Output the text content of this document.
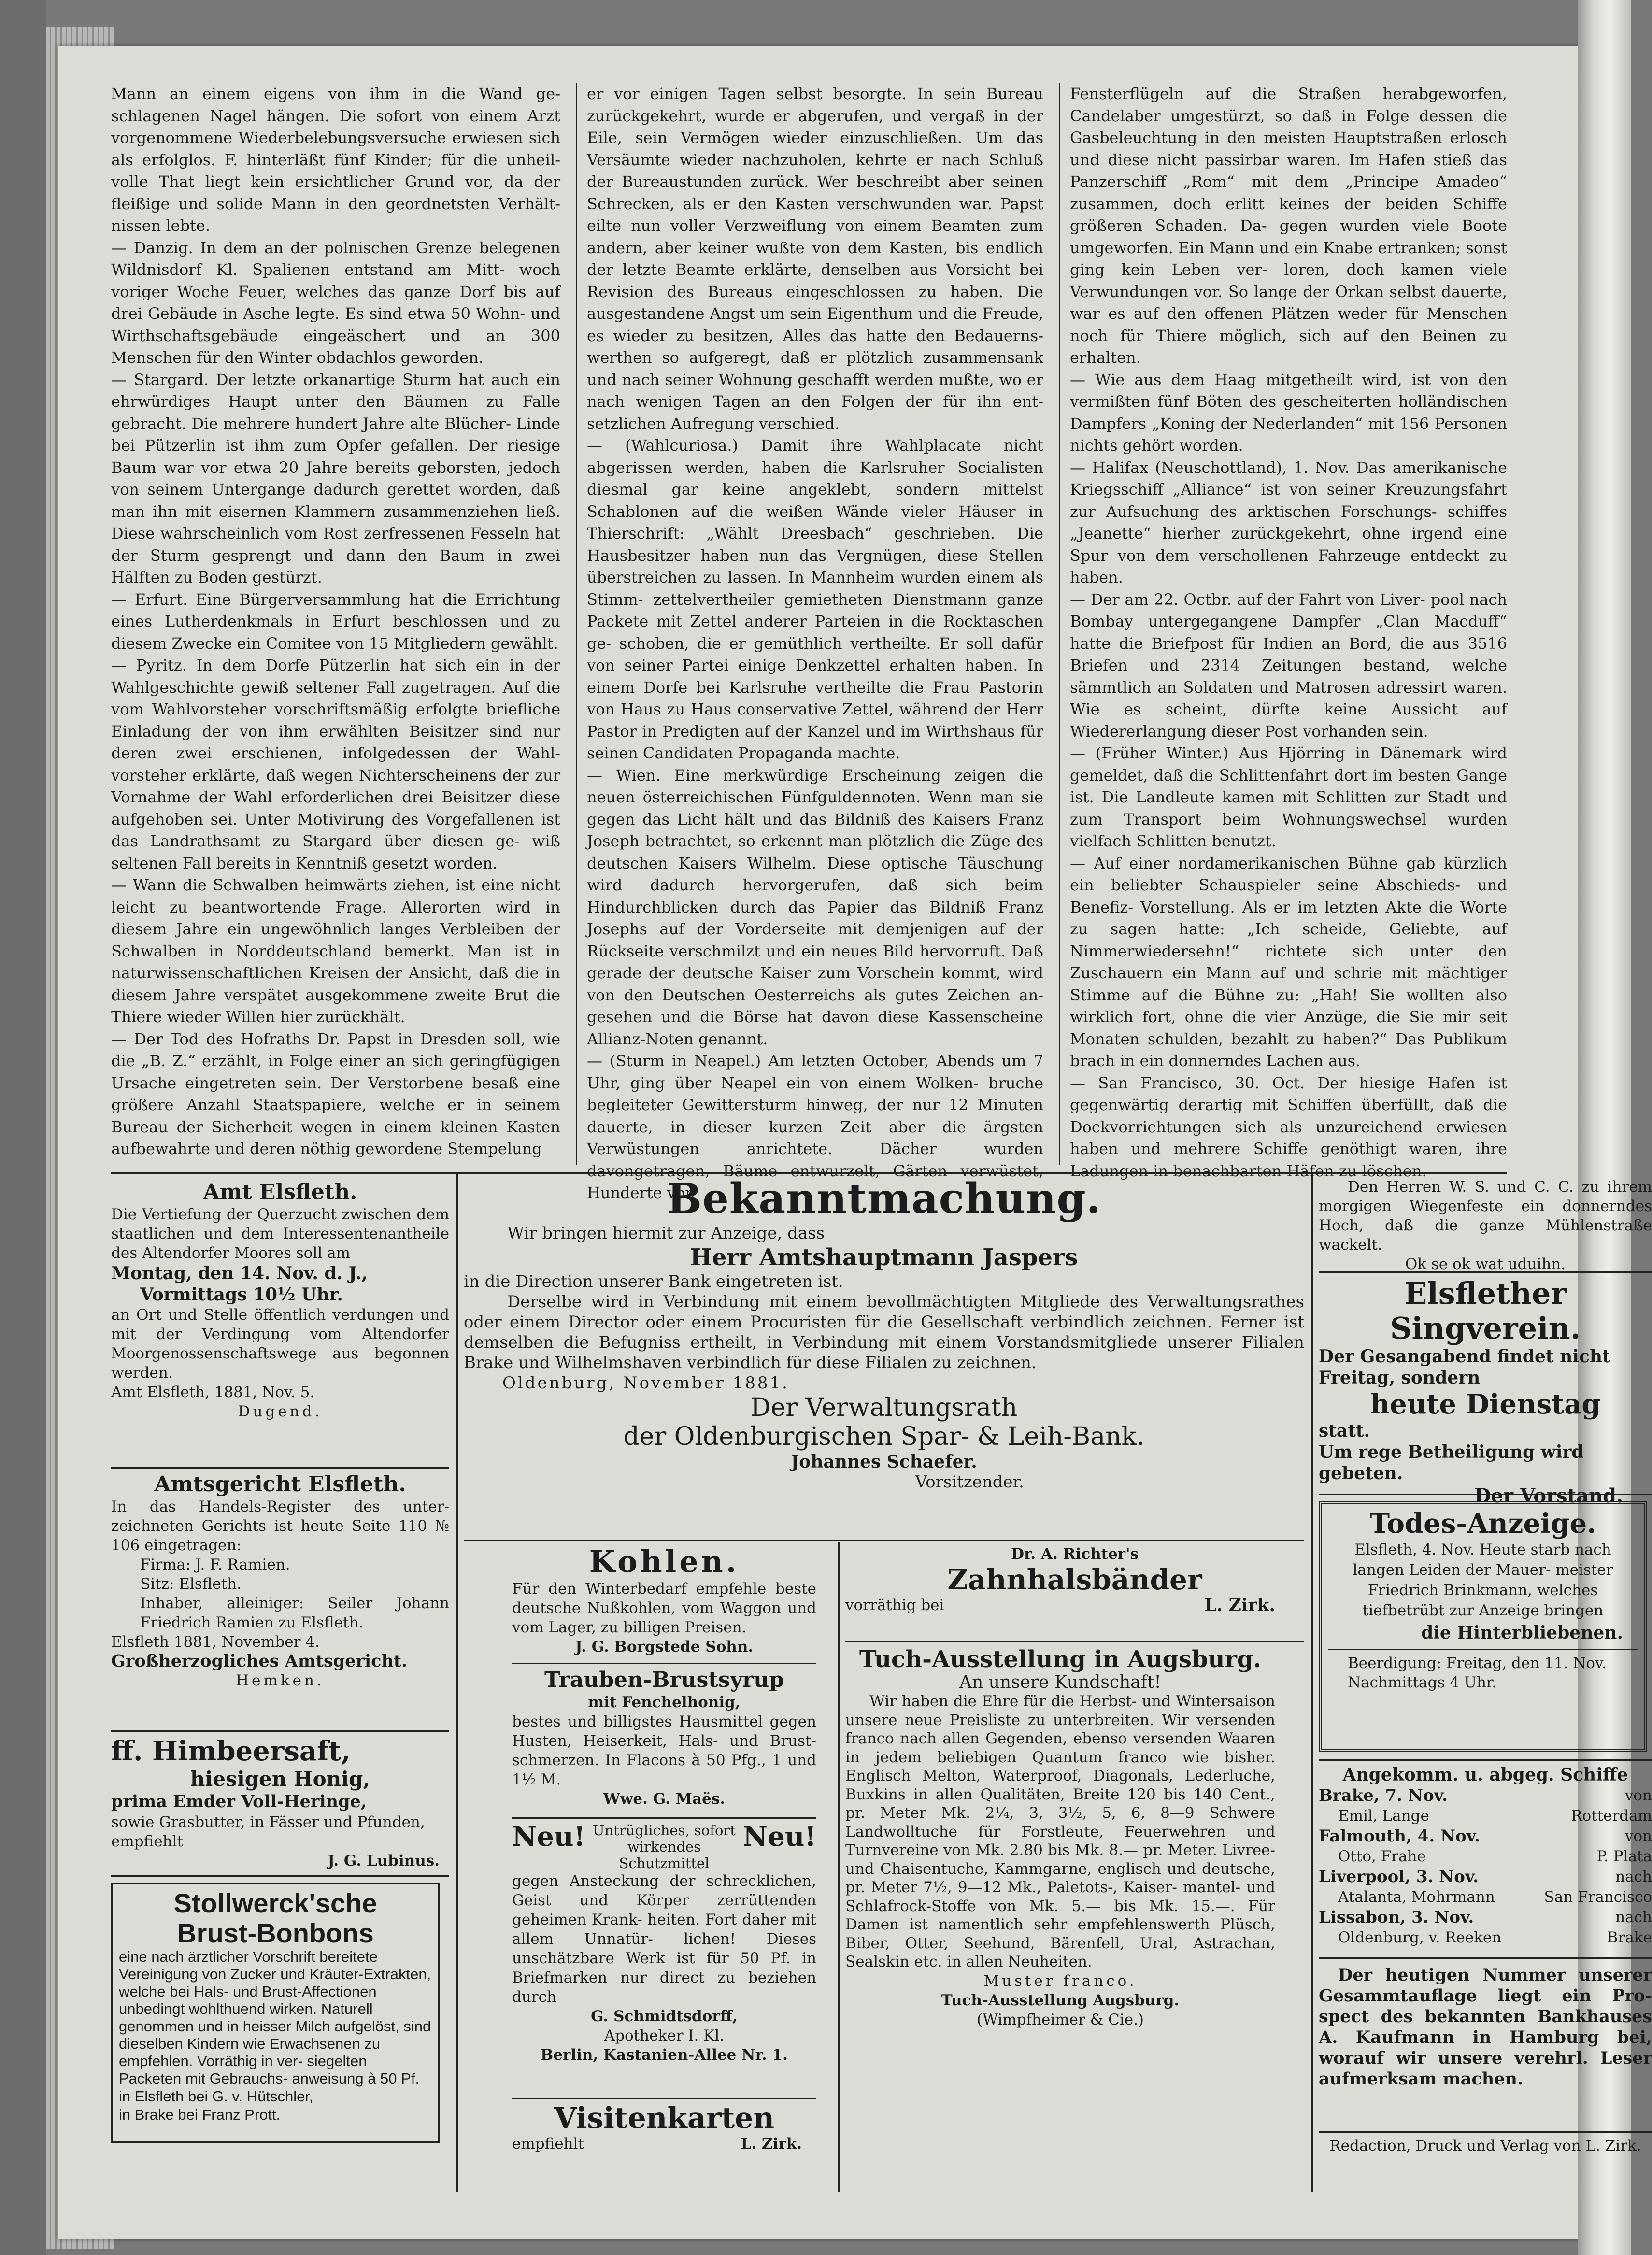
Mann an einem eigens von ihm in die Wand ge- schlagenen Nagel hängen. Die sofort von einem Arzt vorgenommene Wiederbelebungsversuche erwiesen sich als erfolglos. F. hinterläßt fünf Kinder; für die unheil- volle That liegt kein ersichtlicher Grund vor, da der fleißige und solide Mann in den geordnetsten Verhält- nissen lebte.

— Danzig. In dem an der polnischen Grenze belegenen Wildnisdorf Kl. Spalienen entstand am Mitt- woch voriger Woche Feuer, welches das ganze Dorf bis auf drei Gebäude in Asche legte. Es sind etwa 50 Wohn- und Wirthschaftsgebäude eingeäschert und an 300 Menschen für den Winter obdachlos geworden.

— Stargard. Der letzte orkanartige Sturm hat auch ein ehrwürdiges Haupt unter den Bäumen zu Falle gebracht. Die mehrere hundert Jahre alte Blücher- Linde bei Pützerlin ist ihm zum Opfer gefallen. Der riesige Baum war vor etwa 20 Jahre bereits geborsten, jedoch von seinem Untergange dadurch gerettet worden, daß man ihn mit eisernen Klammern zusammenziehen ließ. Diese wahrscheinlich vom Rost zerfressenen Fesseln hat der Sturm gesprengt und dann den Baum in zwei Hälften zu Boden gestürzt.

— Erfurt. Eine Bürgerversammlung hat die Errichtung eines Lutherdenkmals in Erfurt beschlossen und zu diesem Zwecke ein Comitee von 15 Mitgliedern gewählt.

— Pyritz. In dem Dorfe Pützerlin hat sich ein in der Wahlgeschichte gewiß seltener Fall zugetragen. Auf die vom Wahlvorsteher vorschriftsmäßig erfolgte briefliche Einladung der von ihm erwählten Beisitzer sind nur deren zwei erschienen, infolgedessen der Wahl- vorsteher erklärte, daß wegen Nichterscheinens der zur Vornahme der Wahl erforderlichen drei Beisitzer diese aufgehoben sei. Unter Motivirung des Vorgefallenen ist das Landrathsamt zu Stargard über diesen ge- wiß seltenen Fall bereits in Kenntniß gesetzt worden.

— Wann die Schwalben heimwärts ziehen, ist eine nicht leicht zu beantwortende Frage. Allerorten wird in diesem Jahre ein ungewöhnlich langes Verbleiben der Schwalben in Norddeutschland bemerkt. Man ist in naturwissenschaftlichen Kreisen der Ansicht, daß die in diesem Jahre verspätet ausgekommene zweite Brut die Thiere wieder Willen hier zurückhält.

— Der Tod des Hofraths Dr. Papst in Dresden soll, wie die „B. Z.“ erzählt, in Folge einer an sich geringfügigen Ursache eingetreten sein. Der Verstorbene besaß eine größere Anzahl Staatspapiere, welche er in seinem Bureau der Sicherheit wegen in einem kleinen Kasten aufbewahrte und deren nöthig gewordene Stempelung

er vor einigen Tagen selbst besorgte. In sein Bureau zurückgekehrt, wurde er abgerufen, und vergaß in der Eile, sein Vermögen wieder einzuschließen. Um das Versäumte wieder nachzuholen, kehrte er nach Schluß der Bureaustunden zurück. Wer beschreibt aber seinen Schrecken, als er den Kasten verschwunden war. Papst eilte nun voller Verzweiflung von einem Beamten zum andern, aber keiner wußte von dem Kasten, bis endlich der letzte Beamte erklärte, denselben aus Vorsicht bei Revision des Bureaus eingeschlossen zu haben. Die ausgestandene Angst um sein Eigenthum und die Freude, es wieder zu besitzen, Alles das hatte den Bedauerns- werthen so aufgeregt, daß er plötzlich zusammensank und nach seiner Wohnung geschafft werden mußte, wo er nach wenigen Tagen an den Folgen der für ihn ent- setzlichen Aufregung verschied.

— (Wahlcuriosa.) Damit ihre Wahlplacate nicht abgerissen werden, haben die Karlsruher Socialisten diesmal gar keine angeklebt, sondern mittelst Schablonen auf die weißen Wände vieler Häuser in Thierschrift: „Wählt Dreesbach“ geschrieben. Die Hausbesitzer haben nun das Vergnügen, diese Stellen überstreichen zu lassen. In Mannheim wurden einem als Stimm- zettelvertheiler gemietheten Dienstmann ganze Packete mit Zettel anderer Parteien in die Rocktaschen ge- schoben, die er gemüthlich vertheilte. Er soll dafür von seiner Partei einige Denkzettel erhalten haben. In einem Dorfe bei Karlsruhe vertheilte die Frau Pastorin von Haus zu Haus conservative Zettel, während der Herr Pastor in Predigten auf der Kanzel und im Wirthshaus für seinen Candidaten Propaganda machte.

— Wien. Eine merkwürdige Erscheinung zeigen die neuen österreichischen Fünfguldennoten. Wenn man sie gegen das Licht hält und das Bildniß des Kaisers Franz Joseph betrachtet, so erkennt man plötzlich die Züge des deutschen Kaisers Wilhelm. Diese optische Täuschung wird dadurch hervorgerufen, daß sich beim Hindurchblicken durch das Papier das Bildniß Franz Josephs auf der Vorderseite mit demjenigen auf der Rückseite verschmilzt und ein neues Bild hervorruft. Daß gerade der deutsche Kaiser zum Vorschein kommt, wird von den Deutschen Oesterreichs als gutes Zeichen an- gesehen und die Börse hat davon diese Kassenscheine Allianz-Noten genannt.

— (Sturm in Neapel.) Am letzten October, Abends um 7 Uhr, ging über Neapel ein von einem Wolken- bruche begleiteter Gewittersturm hinweg, der nur 12 Minuten dauerte, in dieser kurzen Zeit aber die ärgsten Verwüstungen anrichtete. Dächer wurden davongetragen, Bäume entwurzelt, Gärten verwüstet, Hunderte von

Fensterflügeln auf die Straßen herabgeworfen, Candelaber umgestürzt, so daß in Folge dessen die Gasbeleuchtung in den meisten Hauptstraßen erlosch und diese nicht passirbar waren. Im Hafen stieß das Panzerschiff „Rom“ mit dem „Principe Amadeo“ zusammen, doch erlitt keines der beiden Schiffe größeren Schaden. Da- gegen wurden viele Boote umgeworfen. Ein Mann und ein Knabe ertranken; sonst ging kein Leben ver- loren, doch kamen viele Verwundungen vor. So lange der Orkan selbst dauerte, war es auf den offenen Plätzen weder für Menschen noch für Thiere möglich, sich auf den Beinen zu erhalten.

— Wie aus dem Haag mitgetheilt wird, ist von den vermißten fünf Böten des gescheiterten holländischen Dampfers „Koning der Nederlanden“ mit 156 Personen nichts gehört worden.

— Halifax (Neuschottland), 1. Nov. Das amerikanische Kriegsschiff „Alliance“ ist von seiner Kreuzungsfahrt zur Aufsuchung des arktischen Forschungs- schiffes „Jeanette“ hierher zurückgekehrt, ohne irgend eine Spur von dem verschollenen Fahrzeuge entdeckt zu haben.

— Der am 22. Octbr. auf der Fahrt von Liver- pool nach Bombay untergegangene Dampfer „Clan Macduff“ hatte die Briefpost für Indien an Bord, die aus 3516 Briefen und 2314 Zeitungen bestand, welche sämmtlich an Soldaten und Matrosen adressirt waren. Wie es scheint, dürfte keine Aussicht auf Wiedererlangung dieser Post vorhanden sein.

— (Früher Winter.) Aus Hjörring in Dänemark wird gemeldet, daß die Schlittenfahrt dort im besten Gange ist. Die Landleute kamen mit Schlitten zur Stadt und zum Transport beim Wohnungswechsel wurden vielfach Schlitten benutzt.

— Auf einer nordamerikanischen Bühne gab kürzlich ein beliebter Schauspieler seine Abschieds- und Benefiz- Vorstellung. Als er im letzten Akte die Worte zu sagen hatte: „Ich scheide, Geliebte, auf Nimmerwiedersehn!“ richtete sich unter den Zuschauern ein Mann auf und schrie mit mächtiger Stimme auf die Bühne zu: „Hah! Sie wollten also wirklich fort, ohne die vier Anzüge, die Sie mir seit Monaten schulden, bezahlt zu haben?“ Das Publikum brach in ein donnerndes Lachen aus.

— San Francisco, 30. Oct. Der hiesige Hafen ist gegenwärtig derartig mit Schiffen überfüllt, daß die Dockvorrichtungen sich als unzureichend erwiesen haben und mehrere Schiffe genöthigt waren, ihre Ladungen in benachbarten Häfen zu löschen.

Amt Elsfleth.
Die Vertiefung der Querzucht zwischen dem staatlichen und dem Interessentenantheile des Altendorfer Moores soll am
Montag, den 14. Nov. d. J.,
Vormittags 10½ Uhr.
an Ort und Stelle öffentlich verdungen und mit der Verdingung vom Altendorfer Moorgenossenschaftswege aus begonnen werden.
Amt Elsfleth, 1881, Nov. 5.
Dugend.
Amtsgericht Elsfleth.
In das Handels-Register des unter- zeichneten Gerichts ist heute Seite 110 № 106 eingetragen:
Firma: J. F. Ramien.
Sitz: Elsfleth.
Inhaber, alleiniger: Seiler Johann Friedrich Ramien zu Elsfleth.
Elsfleth 1881, November 4.
Großherzogliches Amtsgericht.
Hemken.
ff. Himbeersaft,
hiesigen Honig,
prima Emder Voll-Heringe,
sowie Grasbutter, in Fässer und Pfunden, empfiehlt
J. G. Lubinus.
Stollwerck'sche
Brust-Bonbons
eine nach ärztlicher Vorschrift bereitete Vereinigung von Zucker und Kräuter-Extrakten, welche bei Hals- und Brust-Affectionen unbedingt wohlthuend wirken. Naturell genommen und in heisser Milch aufgelöst, sind dieselben Kindern wie Erwachsenen zu empfehlen. Vorräthig in ver- siegelten Packeten mit Gebrauchs- anweisung à 50 Pf.
in Elsfleth bei G. v. Hütschler,
in Brake bei Franz Prott.
Bekanntmachung.
Wir bringen hiermit zur Anzeige, dass
Herr Amtshauptmann Jaspers
in die Direction unserer Bank eingetreten ist.
Derselbe wird in Verbindung mit einem bevollmächtigten Mitgliede des Verwaltungsrathes oder einem Director oder einem Procuristen für die Gesellschaft verbindlich zeichnen. Ferner ist demselben die Befugniss ertheilt, in Verbindung mit einem Vorstandsmitgliede unserer Filialen Brake und Wilhelmshaven verbindlich für diese Filialen zu zeichnen.
Oldenburg, November 1881.
Der Verwaltungsrath
der Oldenburgischen Spar- & Leih-Bank.
Johannes Schaefer.
Vorsitzender.
Kohlen.
Für den Winterbedarf empfehle beste deutsche Nußkohlen, vom Waggon und vom Lager, zu billigen Preisen.
J. G. Borgstede Sohn.
Trauben-Brustsyrup
mit Fenchelhonig,
bestes und billigstes Hausmittel gegen Husten, Heiserkeit, Hals- und Brust- schmerzen. In Flacons à 50 Pfg., 1 und 1½ M.
Wwe. G. Maës.
Neu! Untrügliches, sofort wirkendes Schutzmittel
Neu!
gegen Ansteckung der schrecklichen, Geist und Körper zerrüttenden geheimen Krank- heiten. Fort daher mit allem Unnatür- lichen! Dieses unschätzbare Werk ist für 50 Pf. in Briefmarken nur direct zu beziehen durch
G. Schmidtsdorff,
Apotheker I. Kl.
Berlin, Kastanien-Allee Nr. 1.
Visitenkarten
empfiehlt	L. Zirk.
Dr. A. Richter's
Zahnhalsbänder
vorräthig bei	L. Zirk.
Tuch-Ausstellung in Augsburg.
An unsere Kundschaft!
Wir haben die Ehre für die Herbst- und Wintersaison unsere neue Preisliste zu unterbreiten. Wir versenden franco nach allen Gegenden, ebenso versenden Waaren in jedem beliebigen Quantum franco wie bisher. Englisch Melton, Waterproof, Diagonals, Lederluche, Buxkins in allen Qualitäten, Breite 120 bis 140 Cent., pr. Meter Mk. 2¼, 3, 3½, 5, 6, 8—9 Schwere Landwolltuche für Forstleute, Feuerwehren und Turnvereine von Mk. 2.80 bis Mk. 8.— pr. Meter. Livree- und Chaisentuche, Kammgarne, englisch und deutsche, pr. Meter 7½, 9—12 Mk., Paletots-, Kaiser- mantel- und Schlafrock-Stoffe von Mk. 5.— bis Mk. 15.—. Für Damen ist namentlich sehr empfehlenswerth Plüsch, Biber, Otter, Seehund, Bärenfell, Ural, Astrachan, Sealskin etc. in allen Neuheiten.
Muster franco.
Tuch-Ausstellung Augsburg.
(Wimpfheimer & Cie.)
Den Herren W. S. und C. C. zu ihrem morgigen Wiegenfeste ein donnerndes Hoch, daß die ganze Mühlenstraße wackelt.
Ok se ok wat uduihn.
Elsflether Singverein.
Der Gesangabend findet nicht Freitag, sondern
heute Dienstag
statt.
Um rege Betheiligung wird gebeten.
Der Vorstand.
Todes-Anzeige.
Elsfleth, 4. Nov. Heute starb nach langen Leiden der Mauer- meister Friedrich Brinkmann, welches tiefbetrübt zur Anzeige bringen
die Hinterbliebenen.
Beerdigung: Freitag, den 11. Nov. Nachmittags 4 Uhr.
Angekomm. u. abgeg. Schiffe
Brake, 7. Nov.	von
Emil, Lange	Rotterdam
Falmouth, 4. Nov.	von
Otto, Frahe	P. Plata
Liverpool, 3. Nov.	nach
Atalanta, Mohrmann	San Francisco
Lissabon, 3. Nov.	nach
Oldenburg, v. Reeken	Brake
Der heutigen Nummer unserer Gesammtauflage liegt ein Pro- spect des bekannten Bankhauses A. Kaufmann in Hamburg bei, worauf wir unsere verehrl. Leser aufmerksam machen.
Redaction, Druck und Verlag von L. Zirk.
